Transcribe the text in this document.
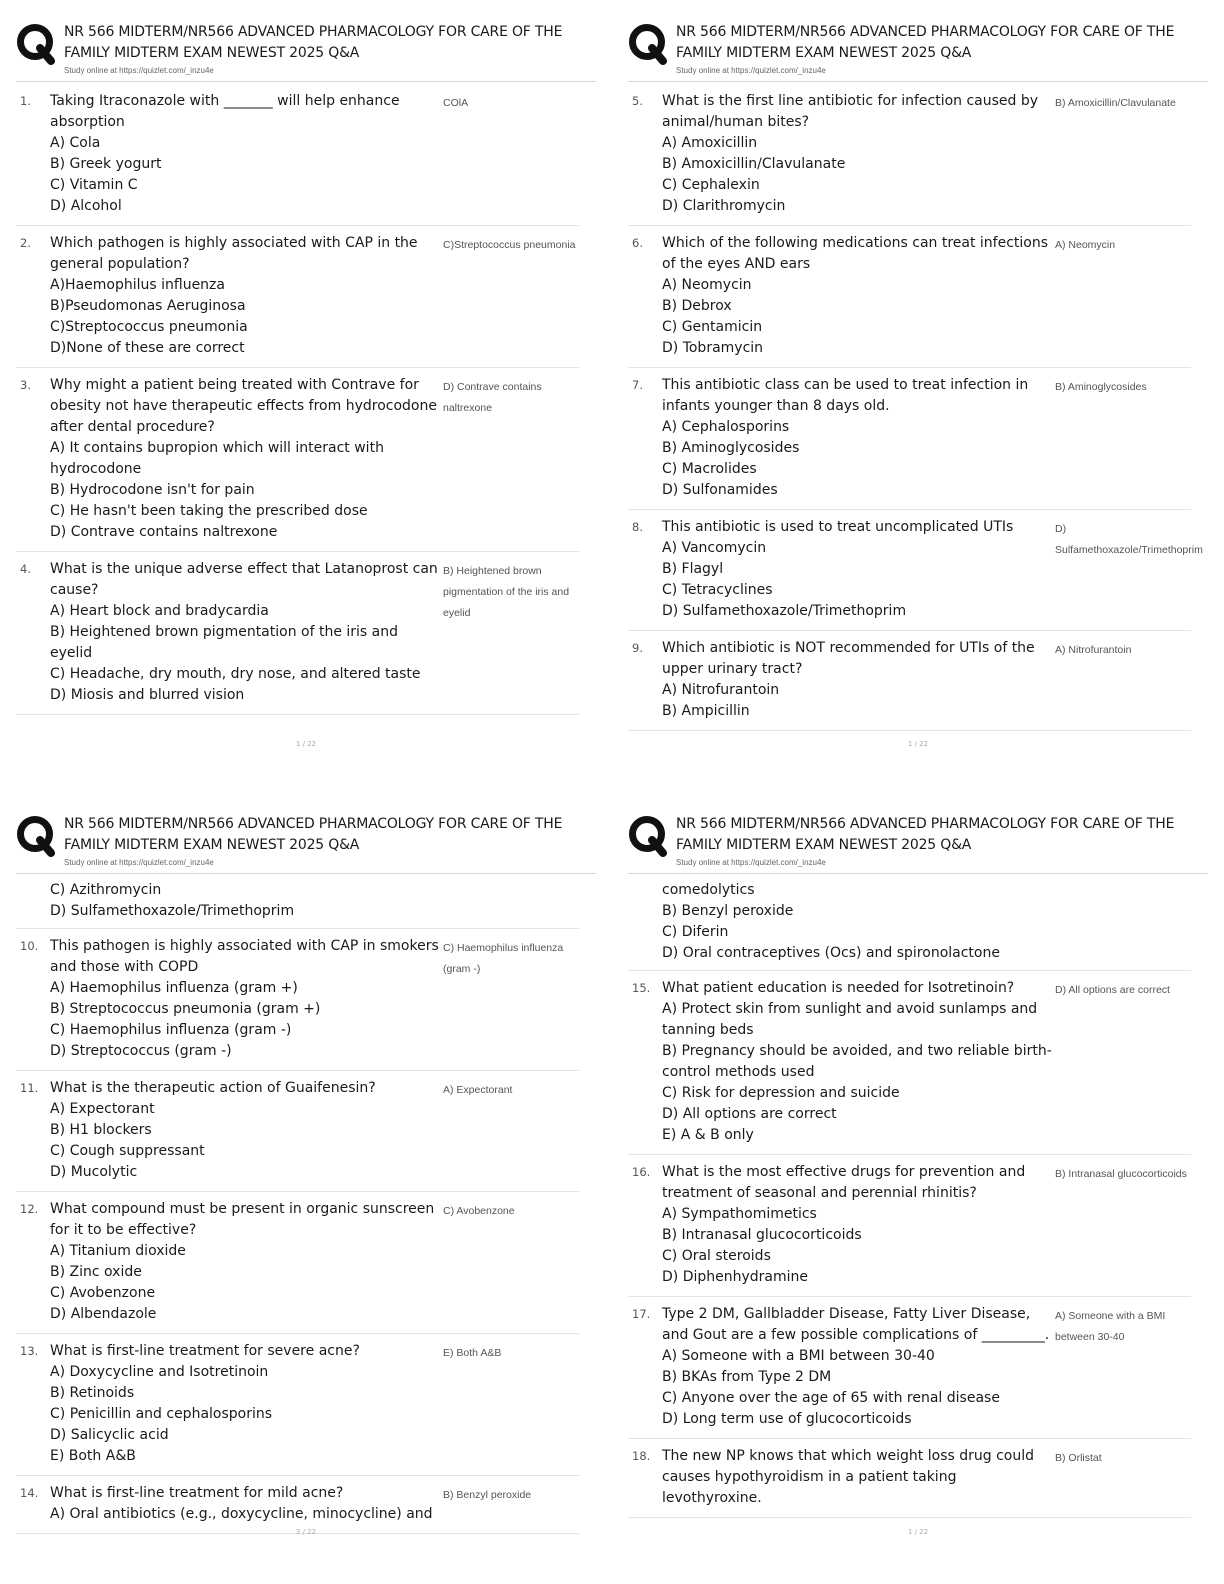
NR 566 MIDTERM/NR566 ADVANCED PHARMACOLOGY FOR CARE OF THE FAMILY MIDTERM EXAM NEWEST 2025 Q&A
Study online at https://quizlet.com/_inzu4e
1. Taking Itraconazole with _______ will help enhance absorption
A) Cola
B) Greek yogurt
C) Vitamin C
D) Alcohol
COlA
2. Which pathogen is highly associated with CAP in the general population?
A)Haemophilus influenza
B)Pseudomonas Aeruginosa
C)Streptococcus pneumonia
D)None of these are correct
C)Streptococcus pneumonia
3. Why might a patient being treated with Contrave for obesity not have therapeutic effects from hydrocodone after dental procedure?
A) It contains bupropion which will interact with hydrocodone
B) Hydrocodone isn't for pain
C) He hasn't been taking the prescribed dose
D) Contrave contains naltrexone
D) Contrave contains naltrexone
4. What is the unique adverse effect that Latanoprost can cause?
A) Heart block and bradycardia
B) Heightened brown pigmentation of the iris and eyelid
C) Headache, dry mouth, dry nose, and altered taste
D) Miosis and blurred vision
B) Heightened brown pigmentation of the iris and eyelid
1 / 22
NR 566 MIDTERM/NR566 ADVANCED PHARMACOLOGY FOR CARE OF THE FAMILY MIDTERM EXAM NEWEST 2025 Q&A
Study online at https://quizlet.com/_inzu4e
5. What is the first line antibiotic for infection caused by animal/human bites?
A) Amoxicillin
B) Amoxicillin/Clavulanate
C) Cephalexin
D) Clarithromycin
B) Amoxicillin/Clavulanate
6. Which of the following medications can treat infections of the eyes AND ears
A) Neomycin
B) Debrox
C) Gentamicin
D) Tobramycin
A) Neomycin
7. This antibiotic class can be used to treat infection in infants younger than 8 days old.
A) Cephalosporins
B) Aminoglycosides
C) Macrolides
D) Sulfonamides
B) Aminoglycosides
8. This antibiotic is used to treat uncomplicated UTIs
A) Vancomycin
B) Flagyl
C) Tetracyclines
D) Sulfamethoxazole/Trimethoprim
D) Sulfamethoxazole/Trimethoprim
9. Which antibiotic is NOT recommended for UTIs of the upper urinary tract?
A) Nitrofurantoin
B) Ampicillin
A) Nitrofurantoin
1 / 22
NR 566 MIDTERM/NR566 ADVANCED PHARMACOLOGY FOR CARE OF THE FAMILY MIDTERM EXAM NEWEST 2025 Q&A
Study online at https://quizlet.com/_inzu4e
C) Azithromycin
D) Sulfamethoxazole/Trimethoprim
10. This pathogen is highly associated with CAP in smokers and those with COPD
A) Haemophilus influenza (gram +)
B) Streptococcus pneumonia (gram +)
C) Haemophilus influenza (gram -)
D) Streptococcus (gram -)
C) Haemophilus influenza (gram -)
11. What is the therapeutic action of Guaifenesin?
A) Expectorant
B) H1 blockers
C) Cough suppressant
D) Mucolytic
A) Expectorant
12. What compound must be present in organic sunscreen for it to be effective?
A) Titanium dioxide
B) Zinc oxide
C) Avobenzone
D) Albendazole
C) Avobenzone
13. What is first-line treatment for severe acne?
A) Doxycycline and Isotretinoin
B) Retinoids
C) Penicillin and cephalosporins
D) Salicyclic acid
E) Both A&B
E) Both A&B
14. What is first-line treatment for mild acne?
A) Oral antibiotics (e.g., doxycycline, minocycline) and
B) Benzyl peroxide
3 / 22
NR 566 MIDTERM/NR566 ADVANCED PHARMACOLOGY FOR CARE OF THE FAMILY MIDTERM EXAM NEWEST 2025 Q&A
Study online at https://quizlet.com/_inzu4e
comedolytics
B) Benzyl peroxide
C) Diferin
D) Oral contraceptives (Ocs) and spironolactone
15. What patient education is needed for Isotretinoin?
A) Protect skin from sunlight and avoid sunlamps and tanning beds
B) Pregnancy should be avoided, and two reliable birth-control methods used
C) Risk for depression and suicide
D) All options are correct
E) A & B only
D) All options are correct
16. What is the most effective drugs for prevention and treatment of seasonal and perennial rhinitis?
A) Sympathomimetics
B) Intranasal glucocorticoids
C) Oral steroids
D) Diphenhydramine
B) Intranasal glucocorticoids
17. Type 2 DM, Gallbladder Disease, Fatty Liver Disease, and Gout are a few possible complications of _________.
A) Someone with a BMI between 30-40
B) BKAs from Type 2 DM
C) Anyone over the age of 65 with renal disease
D) Long term use of glucocorticoids
A) Someone with a BMI between 30-40
18. The new NP knows that which weight loss drug could causes hypothyroidism in a patient taking levothyroxine.
B) Orlistat
1 / 22
